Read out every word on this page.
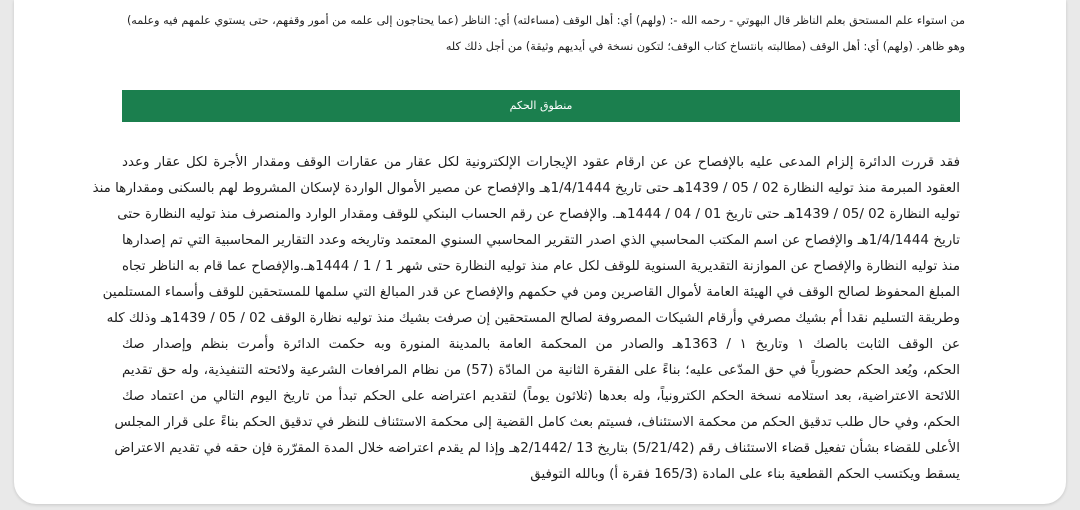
من استواء علم المستحق بعلم الناظر قال البهوتي - رحمه الله -: (ولهم) أي: أهل الوقف (مساءلته) أي: الناظر (عما يحتاجون إلى علمه من أمور وقفهم، حتى يستوي علمهم فيه وعلمه)
وهو ظاهر. (ولهم) أي: أهل الوقف (مطالبته بانتساخ كتاب الوقف؛ لتكون نسخة في أيديهم وثيقة) من أجل ذلك كله
منطوق الحكم
فقد قررت الدائرة إلزام المدعى عليه بالإفصاح عن عن ارقام عقود الإيجارات الإلكترونية لكل عقار من عقارات الوقف ومقدار الأجرة لكل عقار وعدد
العقود المبرمة منذ توليه النظارة 02 / 05 / 1439هـ حتى تاريخ 1/4/1444هـ والإفصاح عن مصير الأموال الواردة لإسكان المشروط لهم بالسكنى ومقدارها منذ
توليه النظارة 02 /05 / 1439هـ حتى تاريخ 01 / 04 / 1444هـ. والإفصاح عن رقم الحساب البنكي للوقف ومقدار الوارد والمنصرف منذ توليه النظارة حتى
تاريخ 1/4/1444هـ والإفصاح عن اسم المكتب المحاسبي الذي اصدر التقرير المحاسبي السنوي المعتمد وتاريخه وعدد التقارير المحاسبية التي تم إصدارها
منذ توليه النظارة والإفصاح عن الموازنة التقديرية السنوية للوقف لكل عام منذ توليه النظارة حتى شهر 1 / 1 / 1444هـ.والإفصاح عما قام به الناظر تجاه
المبلغ المحفوظ لصالح الوقف في الهيئة العامة لأموال القاصرين ومن في حكمهم والإفصاح عن قدر المبالغ التي سلمها للمستحقين للوقف وأسماء المستلمين
وطريقة التسليم نقدا أم بشيك مصرفي وأرقام الشيكات المصروفة لصالح المستحقين إن صرفت بشيك منذ توليه نظارة الوقف 02 / 05 / 1439هـ وذلك كله
عن الوقف الثابت بالصك ١ وتاريخ ١ / 1363هـ والصادر من المحكمة العامة بالمدينة المنورة وبه حكمت الدائرة وأمرت بنظم وإصدار صك
الحكم، ويُعد الحكم حضورياً في حق المدّعى عليه؛ بناءً على الفقرة الثانية من المادّة (57) من نظام المرافعات الشرعية ولائحته التنفيذية، وله حق تقديم
اللائحة الاعتراضية، بعد استلامه نسخة الحكم الكترونياً، وله بعدها (ثلاثون يوماً) لتقديم اعتراضه على الحكم تبدأ من تاريخ اليوم التالي من اعتماد صك
الحكم، وفي حال طلب تدقيق الحكم من محكمة الاستئناف، فسيتم بعث كامل القضية إلى محكمة الاستئناف للنظر في تدقيق الحكم بناءً على قرار المجلس
الأعلى للقضاء بشأن تفعيل قضاء الاستئناف رقم (5/21/42) بتاريخ 13 /2/1442هـ وإذا لم يقدم اعتراضه خلال المدة المقرّرة فإن حقه في تقديم الاعتراض
يسقط ويكتسب الحكم القطعية بناء على المادة (165/3 فقرة أ) وبالله التوفيق
